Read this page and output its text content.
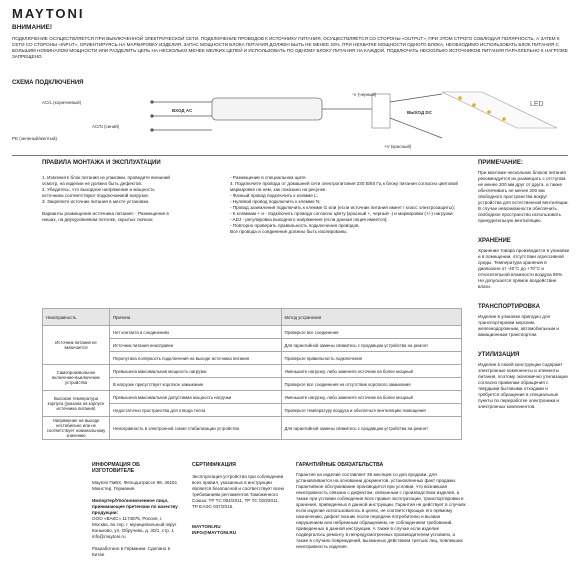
MAYTONI
ВНИМАНИЕ!
ПОДКЛЮЧЕНИЕ ОСУЩЕСТВЛЯЕТСЯ ПРИ ВЫКЛЮЧЕННОЙ ЭЛЕКТРИЧЕСКОЙ СЕТИ. ПОДКЛЮЧЕНИЕ ПРОВОДОВ К ИСТОЧНИКУ ПИТАНИЯ, ОСУЩЕСТВЛЯЕТСЯ СО СТОРОНЫ «OUTPUT», ПРИ ЭТОМ СТРОГО СОБЛЮДАЯ ПОЛЯРНОСТЬ, А ЗАТЕМ К СЕТИ СО СТОРОНЫ «INPUT», ОРИЕНТИРУЯСЬ НА МАРКИРОВКУ ИЗДЕЛИЯ. ЗАПАС МОЩНОСТИ БЛОКА ПИТАНИЯ ДОЛЖЕН БЫТЬ НЕ МЕНЕЕ 20%. ПРИ НЕХВАТКЕ МОЩНОСТИ ОДНОГО БЛОКА, НЕОБХОДИМО ИСПОЛЬЗОВАТЬ БЛОК ПИТАНИЯ С БОЛЬШИМ НОМИНАЛОМ МОЩНОСТИ ИЛИ РАЗДЕЛИТЬ ЦЕПЬ НА НЕСКОЛЬКО МЕНЕЕ МЕЛКИХ ЦЕПЕЙ И ИСПОЛЬЗОВАТЬ ПО ОДНОМУ БЛОКУ ПИТАНИЯ НА КАЖДОЙ. ПОДКЛЮЧАТЬ НЕСКОЛЬКО ИСТОЧНИКОВ ПИТАНИЯ ПАРАЛЛЕЛЬНО К НАГРУЗКЕ ЗАПРЕЩЕНО.
СХЕМА ПОДКЛЮЧЕНИЯ
AC/L (коричневый)
AC/N (синий)
PE (зеленый/желтый)
ВХОД AC	ВЫХОД DC
-V (черный)
+V (красный)
LED
ПРАВИЛА МОНТАЖА И ЭКСПЛУАТАЦИИ
1. Извлеките блок питания из упаковки, проведите внешний осмотр, на изделии не должно быть дефектов.
2. Убедитесь, что выходное напряжение и мощность источника соответствуют подключаемой нагрузке.
3. Закрепите источник питания в месте установки.
Варианты размещения источника питания: - Размещение в нишах, на двухуровневом потолке, скрытых лючках;
- Размещение в специальном щите.
4. Подключите провода от домашней сети электропитания 230 В/50 Гц к блоку питания согласно цветовой маркировке на нем, как показано на рисунке.
- Фазный провод подключить к клемме L;
- Нулевой провод подключить к клемме N;
- Провод заземления подключить к клемме G или (если источник питания имеет I класс электрозащиты);
- К клеммам + и - подключить провода согласно цвету (красный +, черный -) и маркировки (+/-) нагрузки;
- ADJ - регулировка выходного напряжения (если данная опция имеется);
- Повторно проверить правильность подключения проводов.
Все провода и соединения должны быть изолированы.
Неисправность	Причина	Метод устранения
Источник питания не включается	Нет контакта в соединениях	Проверьте все соединения
	Источник питания неисправен	Для гарантийной замены свяжитесь с продавцом устройства на ремонт
	Перепутана полярность подключения на выходе источника питания	Проверьте правильность подключения
Самопроизвольное включение-выключение устройства	Превышена максимальная мощность нагрузки	Уменьшите нагрузку, либо замените источник на более мощный
	В нагрузке присутствует короткое замыкание	Проверьте все соединения на отсутствие короткого замыкания
Высокая температура корпуса (указана на корпусе источника питания)	Превышена максимальная допустимая мощность нагрузки	Уменьшите нагрузку, либо замените источник на более мощный
	Недостаточно пространства для отвода тепла	Проверьте температуру воздуха и обеспечьте вентиляцию помещения
Напряжение на выходе нестабильно или не соответствует номинальному значению	Неисправность в электронной схеме стабилизации устройства	Для гарантийной замены свяжитесь с продавцом устройства на ремонт
ПРИМЕЧАНИЕ:
При монтаже нескольких блоков питания рекомендуется их размещать с отступом не менее 200 мм друг от друга, а также обеспечивать не менее 200 мм свободного пространства вокруг устройства для естественной вентиляции. В случае невозможности обеспечить свободное пространство использовать принудительную вентиляцию.
ХРАНЕНИЕ
Хранение товара производится в упаковке и в помещении, отсутствии агрессивной среды. Температура хранения в диапазоне от -40°C до +70°C и относительной влажности воздуха 95%. Не допускается прямое воздействие влаги.
ТРАНСПОРТИРОВКА
Изделие в упаковке пригодно для транспортировки морским, железнодорожным, автомобильным и авиационным транспортом.
УТИЛИЗАЦИЯ
Изделие в своей конструкции содержит электронные компоненты и элементы питания, поэтому экономично утилизации согласно правилам обращения с твердыми бытовыми отходами и требуется обращение в специальные пункты по переработке электроники и электронных компонентов.
ИНФОРМАЦИЯ ОБ ИЗГОТОВИТЕЛЕ
Maytoni ПиБХ, Фельдштрассе 98, 46161 Мюнстер, Германия
Импортер/Уполномоченное лицо, принимающее претензии по качеству продукции:
ООО «ВАКС» 1174875, Россия, г. Москва, вн.тер. г. муниципальный округ Коньково, ул. Обручева, д. 30/1, стр. 1 info@maytoni.ru
Разработано в Германии. Сделано в Китае
СЕРТИФИКАЦИЯ
Эксплуатация устройства при соблюдении всех правил, указанных в инструкции является безопасной и соответствует всем требованиям регламентов Таможенного Союза: ТР ТС 004/2011, ТР ТС 020/2011, ТР ЕАЭС 037/2016.
MAYTONI.RU
INFO@MAYTONI.RU
ГАРАНТИЙНЫЕ ОБЯЗАТЕЛЬСТВА
Гарантия на изделие составляет 36 месяцев со дня продажи, для устанавливается на основании документов, установленных факт продажи. Гарантийное обслуживание производится при условии, что возникшая неисправность связана с дефектом, связанным с производством изделия, а также при условии соблюдения всех правил эксплуатации, транспортировки и хранения, приведенных в данной инструкции. Гарантия не действует в случаях если изделие использовалось в целях, не соответствующих его прямому назначению; дефект возник после передачи потребителю и вызван нарушением или небрежным обращением, не соблюдением требований, приведенных в данной инструкции. А также в случае если изделие подвергалось ремонту в непредусмотренных производителем условиях, а также в случаях повреждений, вызванных действием третьих лиц, повлекших неисправность изделия.
